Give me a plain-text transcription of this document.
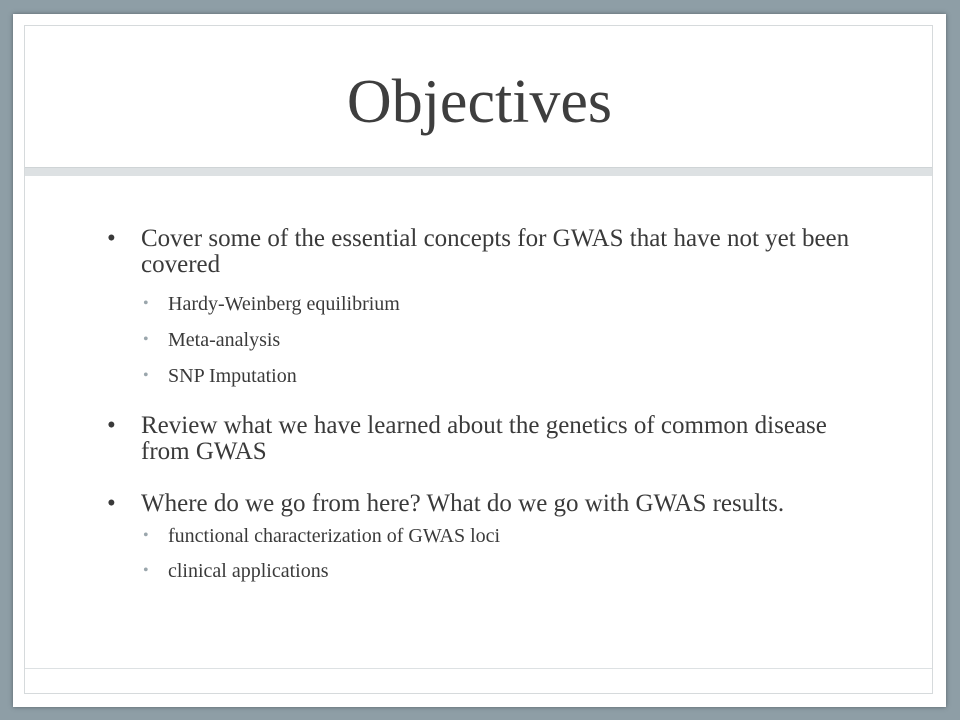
Objectives
• Cover some of the essential concepts for GWAS that have not yet been covered
• Hardy-Weinberg equilibrium
• Meta-analysis
• SNP Imputation
• Review what we have learned about the genetics of common disease from GWAS
• Where do we go from here? What do we go with GWAS results.
• functional characterization of GWAS loci
• clinical applications
